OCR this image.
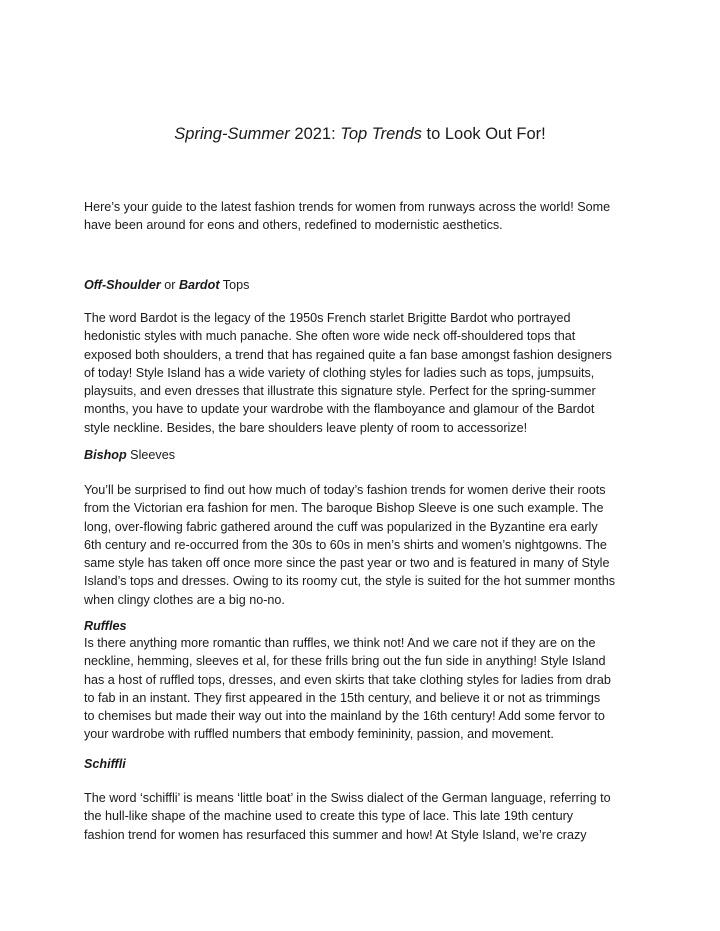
Spring-Summer 2021: Top Trends to Look Out For!

Here’s your guide to the latest fashion trends for women from runways across the world! Some
have been around for eons and others, redefined to modernistic aesthetics.

Off-Shoulder or Bardot Tops

The word Bardot is the legacy of the 1950s French starlet Brigitte Bardot who portrayed
hedonistic styles with much panache. She often wore wide neck off-shouldered tops that
exposed both shoulders, a trend that has regained quite a fan base amongst fashion designers
of today! Style Island has a wide variety of clothing styles for ladies such as tops, jumpsuits,
playsuits, and even dresses that illustrate this signature style. Perfect for the spring-summer
months, you have to update your wardrobe with the flamboyance and glamour of the Bardot
style neckline. Besides, the bare shoulders leave plenty of room to accessorize!

Bishop Sleeves

You’ll be surprised to find out how much of today’s fashion trends for women derive their roots
from the Victorian era fashion for men. The baroque Bishop Sleeve is one such example. The
long, over-flowing fabric gathered around the cuff was popularized in the Byzantine era early
6th century and re-occurred from the 30s to 60s in men’s shirts and women’s nightgowns. The
same style has taken off once more since the past year or two and is featured in many of Style
Island’s tops and dresses. Owing to its roomy cut, the style is suited for the hot summer months
when clingy clothes are a big no-no.

Ruffles

Is there anything more romantic than ruffles, we think not! And we care not if they are on the
neckline, hemming, sleeves et al, for these frills bring out the fun side in anything! Style Island
has a host of ruffled tops, dresses, and even skirts that take clothing styles for ladies from drab
to fab in an instant. They first appeared in the 15th century, and believe it or not as trimmings
to chemises but made their way out into the mainland by the 16th century! Add some fervor to
your wardrobe with ruffled numbers that embody femininity, passion, and movement.

Schiffli

The word ‘schiffli’ is means ‘little boat’ in the Swiss dialect of the German language, referring to
the hull-like shape of the machine used to create this type of lace. This late 19th century
fashion trend for women has resurfaced this summer and how! At Style Island, we’re crazy
